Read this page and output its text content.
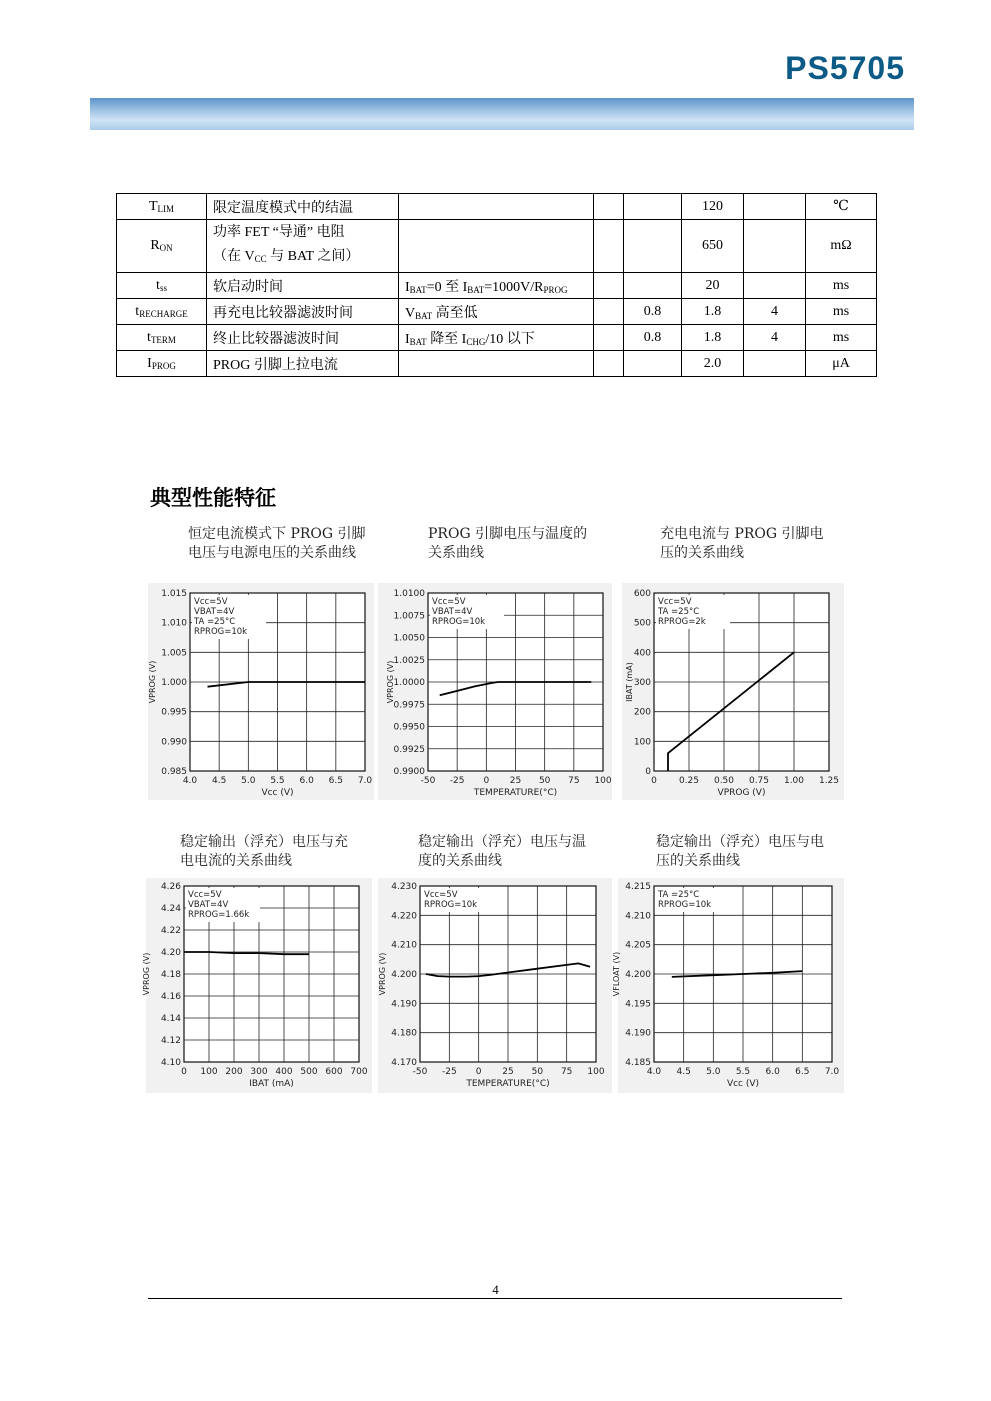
PS5705
$T_{LIM}$	限定温度模式中的结温				120		℃
$R_{ON}$	功率 FET “导通” 电阻
（在 $V_{CC}$ 与 BAT 之间）				650		mΩ
$t_{ss}$	软启动时间	$I_{BAT}=0$ 至 $I_{BAT}=1000V/R_{PROG}$			20		ms
$t_{RECHARGE}$	再充电比较器滤波时间	$V_{BAT}$ 高至低		0.8	1.8	4	ms
$t_{TERM}$	终止比较器滤波时间	$I_{BAT}$ 降至 $I_{CHG}/10$ 以下		0.8	1.8	4	ms
$I_{PROG}$	PROG 引脚上拉电流				2.0		μA
典型性能特征
恒定电流模式下 PROG 引脚
电压与电源电压的关系曲线
PROG 引脚电压与温度的
关系曲线
充电电流与 PROG 引脚电
压的关系曲线
稳定输出（浮充）电压与充
电电流的关系曲线
稳定输出（浮充）电压与温
度的关系曲线
稳定输出（浮充）电压与电
压的关系曲线
4.0 4.5 5.0 5.5 6.0 6.5 7.0
1.015
1.010
1.005
1.000
0.995
0.990
0.985
Vcc (V)
VPROG (V)
Vcc=5V
VBAT=4V
TA =25°C
RPROG=10k
-50 -25 0 25 50 75 100
1.0100
1.0075
1.0050
1.0025
1.0000
0.9975
0.9950
0.9925
0.9900
TEMPERATURE(°C)
VPROG (V)
Vcc=5V
VBAT=4V
RPROG=10k
0 0.25 0.50 0.75 1.00 1.25
600
500
400
300
200
100
0
VPROG (V)
IBAT (mA)
Vcc=5V
TA =25°C
RPROG=2k
0 100 200 300 400 500 600 700
4.26
4.24
4.22
4.20
4.18
4.16
4.14
4.12
4.10
IBAT (mA)
VPROG (V)
Vcc=5V
VBAT=4V
RPROG=1.66k
-50 -25 0 25 50 75 100
4.230
4.220
4.210
4.200
4.190
4.180
4.170
TEMPERATURE(°C)
VPROG (V)
Vcc=5V
RPROG=10k
4.0 4.5 5.0 5.5 6.0 6.5 7.0
4.215
4.210
4.205
4.200
4.195
4.190
4.185
Vcc (V)
VFLOAT (V)
TA =25°C
RPROG=10k
4
